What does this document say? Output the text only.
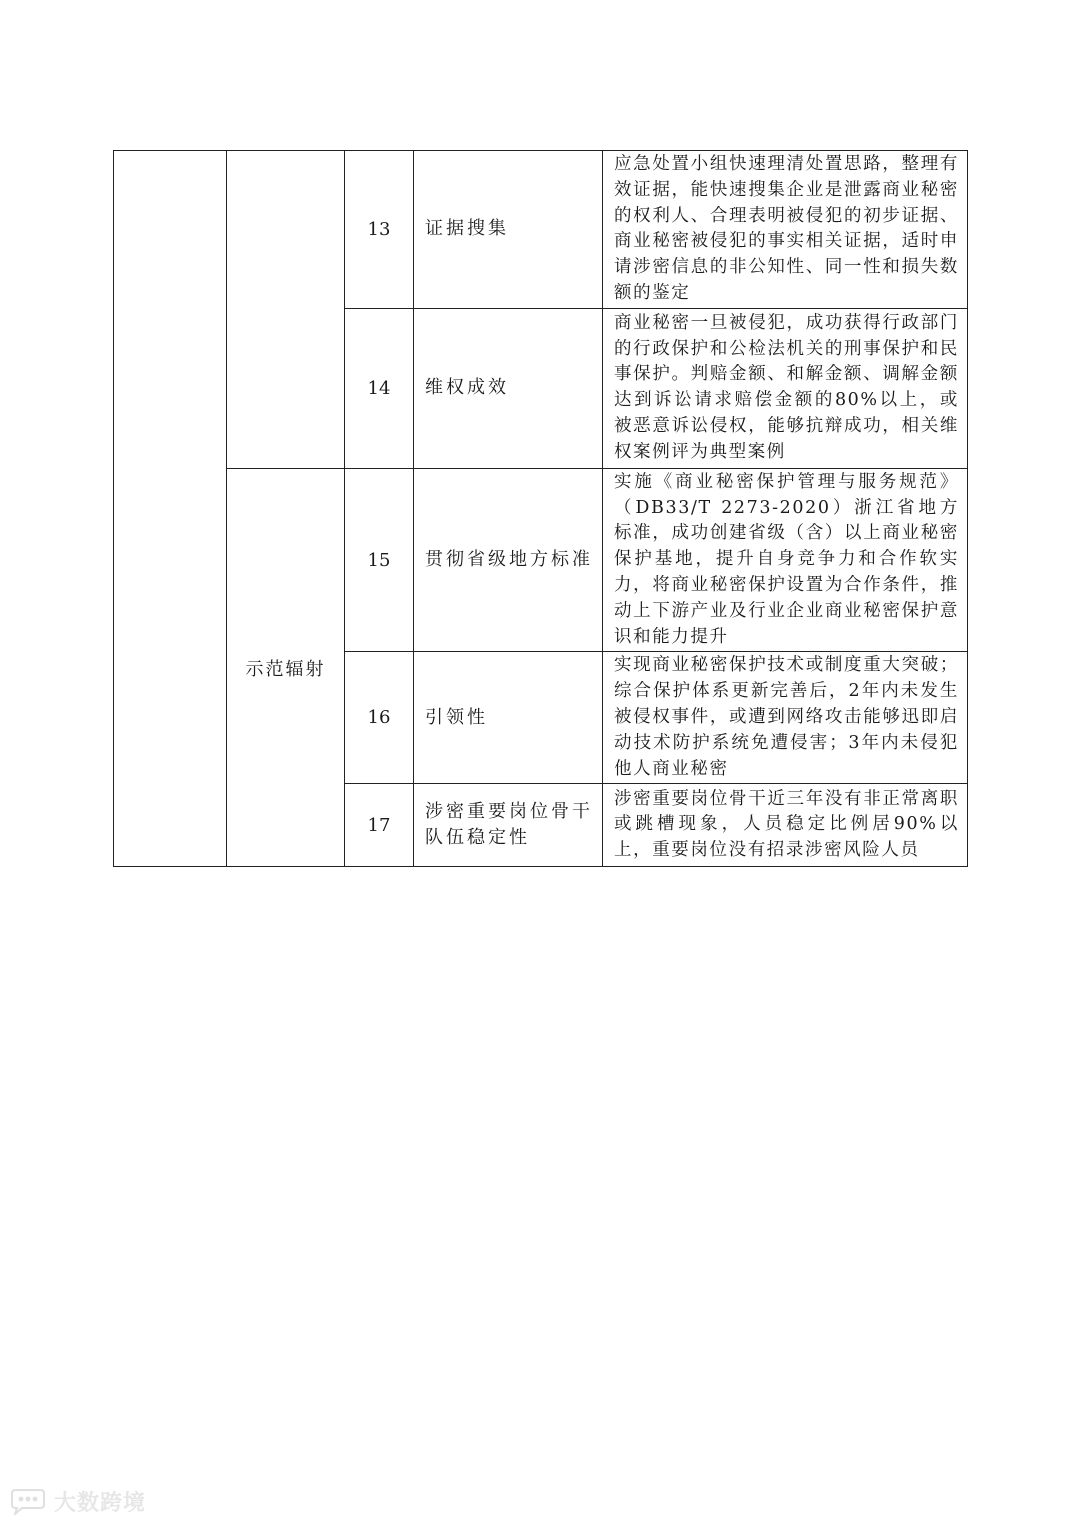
		13	证据搜集	应急处置小组快速理清处置思路，整理有效证据，能快速搜集企业是泄露商业秘密的权利人、合理表明被侵犯的初步证据、商业秘密被侵犯的事实相关证据，适时申请涉密信息的非公知性、同一性和损失数额的鉴定
		14	维权成效	商业秘密一旦被侵犯，成功获得行政部门的行政保护和公检法机关的刑事保护和民事保护。判赔金额、和解金额、调解金额达到诉讼请求赔偿金额的80%以上，或被恶意诉讼侵权，能够抗辩成功，相关维权案例评为典型案例
	示范辐射	15	贯彻省级地方标准	实施《商业秘密保护管理与服务规范》（DB33/T 2273-2020）浙江省地方标准，成功创建省级（含）以上商业秘密保护基地，提升自身竞争力和合作软实力，将商业秘密保护设置为合作条件，推动上下游产业及行业企业商业秘密保护意识和能力提升
		16	引领性	实现商业秘密保护技术或制度重大突破；综合保护体系更新完善后，2年内未发生被侵权事件，或遭到网络攻击能够迅即启动技术防护系统免遭侵害；3年内未侵犯他人商业秘密
		17	涉密重要岗位骨干队伍稳定性	涉密重要岗位骨干近三年没有非正常离职或跳槽现象，人员稳定比例居90%以上，重要岗位没有招录涉密风险人员
大数跨境
